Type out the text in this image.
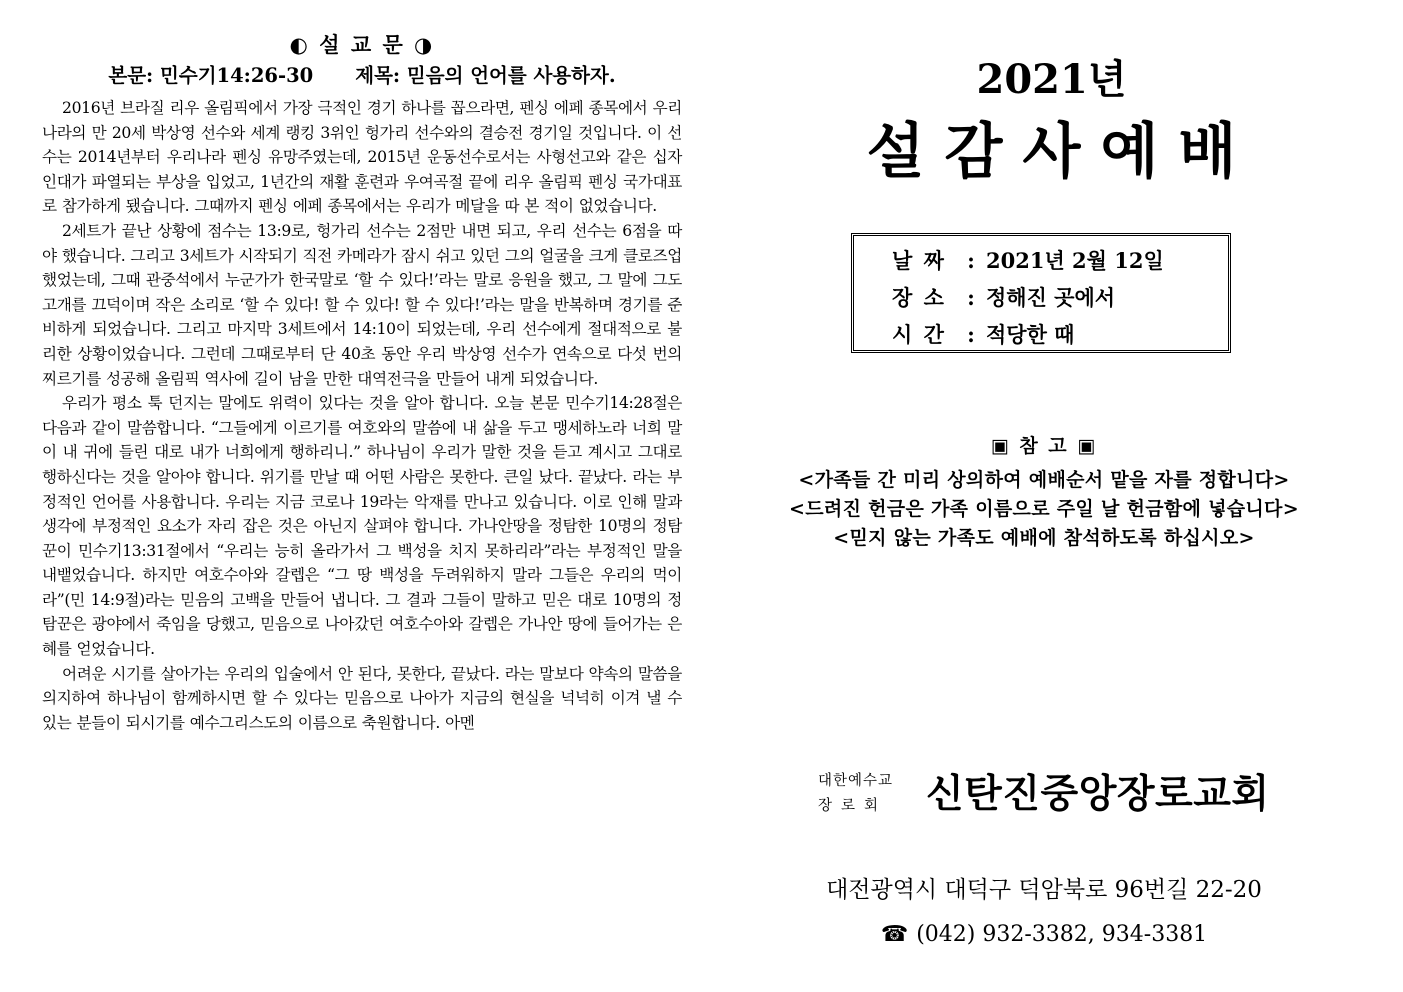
◐ 설 교 문 ◑

본문: 민수기14:26-30 제목: 믿음의 언어를 사용하자.

2016년 브라질 리우 올림픽에서 가장 극적인 경기 하나를 꼽으라면, 펜싱 에페 종목에서 우리나라의 만 20세 박상영 선수와 세계 랭킹 3위인 헝가리 선수와의 결승전 경기일 것입니다. 이 선수는 2014년부터 우리나라 펜싱 유망주였는데, 2015년 운동선수로서는 사형선고와 같은 십자인대가 파열되는 부상을 입었고, 1년간의 재활 훈련과 우여곡절 끝에 리우 올림픽 펜싱 국가대표로 참가하게 됐습니다. 그때까지 펜싱 에페 종목에서는 우리가 메달을 따 본 적이 없었습니다.

2세트가 끝난 상황에 점수는 13:9로, 헝가리 선수는 2점만 내면 되고, 우리 선수는 6점을 따야 했습니다. 그리고 3세트가 시작되기 직전 카메라가 잠시 쉬고 있던 그의 얼굴을 크게 클로즈업했었는데, 그때 관중석에서 누군가가 한국말로 ‘할 수 있다!’라는 말로 응원을 했고, 그 말에 그도 고개를 끄덕이며 작은 소리로 ‘할 수 있다! 할 수 있다! 할 수 있다!’라는 말을 반복하며 경기를 준비하게 되었습니다. 그리고 마지막 3세트에서 14:10이 되었는데, 우리 선수에게 절대적으로 불리한 상황이었습니다. 그런데 그때로부터 단 40초 동안 우리 박상영 선수가 연속으로 다섯 번의 찌르기를 성공해 올림픽 역사에 길이 남을 만한 대역전극을 만들어 내게 되었습니다.

우리가 평소 툭 던지는 말에도 위력이 있다는 것을 알아 합니다. 오늘 본문 민수기14:28절은 다음과 같이 말씀합니다. “그들에게 이르기를 여호와의 말씀에 내 삶을 두고 맹세하노라 너희 말이 내 귀에 들린 대로 내가 너희에게 행하리니.” 하나님이 우리가 말한 것을 듣고 계시고 그대로 행하신다는 것을 알아야 합니다. 위기를 만날 때 어떤 사람은 못한다. 큰일 났다. 끝났다. 라는 부정적인 언어를 사용합니다. 우리는 지금 코로나 19라는 악재를 만나고 있습니다. 이로 인해 말과 생각에 부정적인 요소가 자리 잡은 것은 아닌지 살펴야 합니다. 가나안땅을 정탐한 10명의 정탐꾼이 민수기13:31절에서 “우리는 능히 올라가서 그 백성을 치지 못하리라”라는 부정적인 말을 내뱉었습니다. 하지만 여호수아와 갈렙은 “그 땅 백성을 두려워하지 말라 그들은 우리의 먹이라”(민 14:9절)라는 믿음의 고백을 만들어 냅니다. 그 결과 그들이 말하고 믿은 대로 10명의 정탐꾼은 광야에서 죽임을 당했고, 믿음으로 나아갔던 여호수아와 갈렙은 가나안 땅에 들어가는 은혜를 얻었습니다.

어려운 시기를 살아가는 우리의 입술에서 안 된다, 못한다, 끝났다. 라는 말보다 약속의 말씀을 의지하여 하나님이 함께하시면 할 수 있다는 믿음으로 나아가 지금의 현실을 넉넉히 이겨 낼 수 있는 분들이 되시기를 예수그리스도의 이름으로 축원합니다. 아멘

2021년
설감사예배
날 짜 : 2021년 2월 12일
장 소 : 정해진 곳에서
시 간 : 적당한 때
▣ 참 고 ▣
<가족들 간 미리 상의하여 예배순서 맡을 자를 정합니다>
<드려진 헌금은 가족 이름으로 주일 날 헌금함에 넣습니다>
<믿지 않는 가족도 예배에 참석하도록 하십시오>
대한예수교
장로회 신탄진중앙장로교회

대전광역시 대덕구 덕암북로 96번길 22-20

☎ (042) 932-3382, 934-3381
